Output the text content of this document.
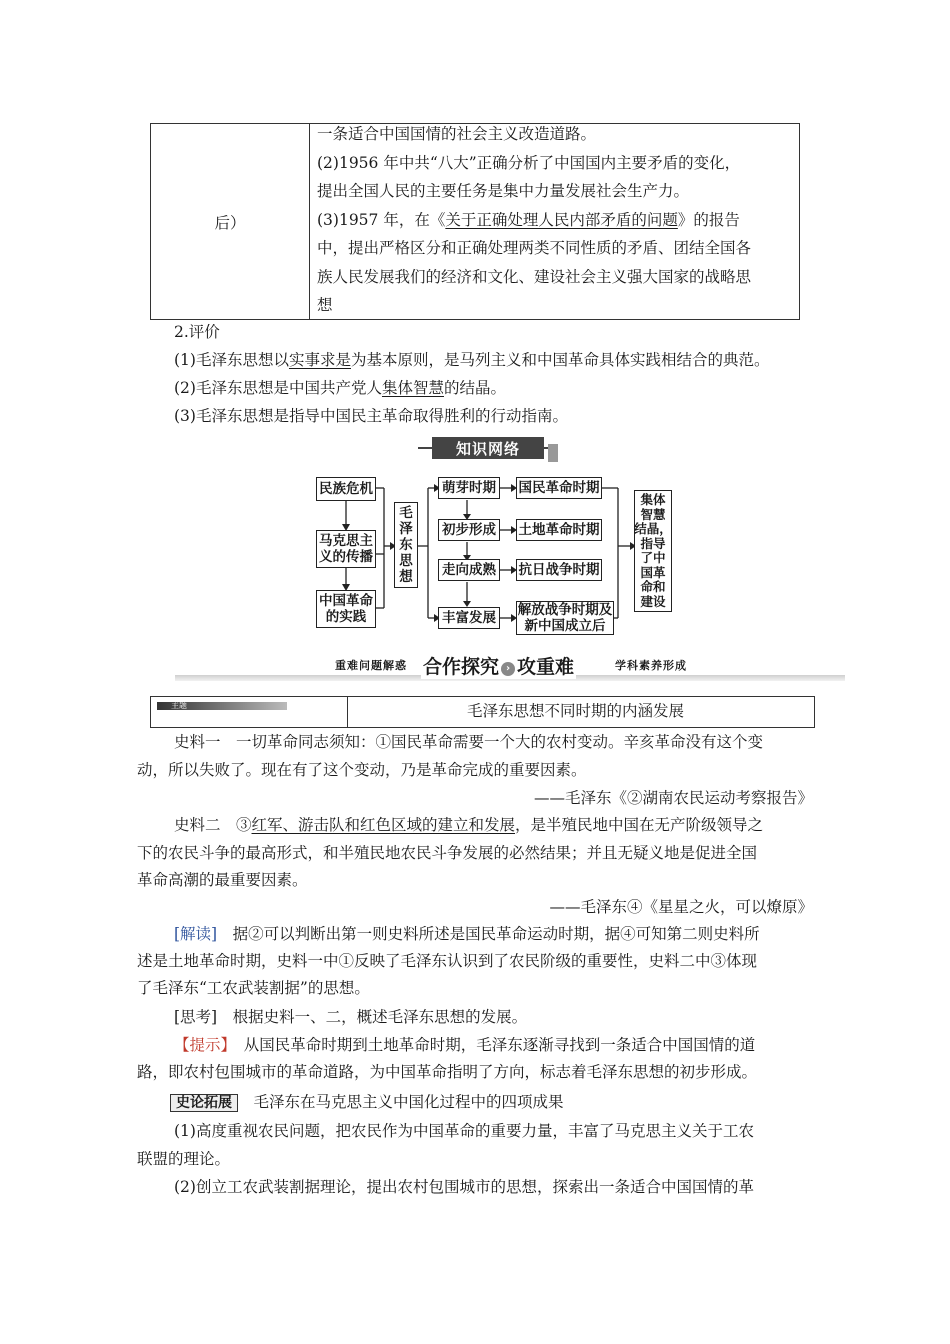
后）
一条适合中国国情的社会主义改造道路。
(2)1956 年中共“八大”正确分析了中国国内主要矛盾的变化，
提出全国人民的主要任务是集中力量发展社会生产力。
(3)1957 年，在《关于正确处理人民内部矛盾的问题》的报告
中，提出严格区分和正确处理两类不同性质的矛盾、团结全国各
族人民发展我们的经济和文化、建设社会主义强大国家的战略思
想
2.评价
(1)毛泽东思想以实事求是为基本原则，是马列主义和中国革命具体实践相结合的典范。
(2)毛泽东思想是中国共产党人集体智慧的结晶。
(3)毛泽东思想是指导中国民主革命取得胜利的行动指南。
知识网络
民族危机
马克思主
义的传播
中国革命
的实践
毛
泽
东
思
想
萌芽时期
初步形成
走向成熟
丰富发展
国民革命时期
土地革命时期
抗日战争时期
解放战争时期及
新中国成立后
集体
智慧
结晶，
指导
了中
国革
命和
建设
重难问题解惑 合作探究 › 攻重难	学科素养形成
主题	毛泽东思想不同时期的内涵发展
史料一　一切革命同志须知：①国民革命需要一个大的农村变动。辛亥革命没有这个变
动，所以失败了。现在有了这个变动，乃是革命完成的重要因素。
——毛泽东《②湖南农民运动考察报告》
史料二　③红军、游击队和红色区域的建立和发展，是半殖民地中国在无产阶级领导之
下的农民斗争的最高形式，和半殖民地农民斗争发展的必然结果；并且无疑义地是促进全国
革命高潮的最重要因素。
——毛泽东④《星星之火，可以燎原》
[解读]　 据②可以判断出第一则史料所述是国民革命运动时期，据④可知第二则史料所
述是土地革命时期，史料一中①反映了毛泽东认识到了农民阶级的重要性，史料二中③体现
了毛泽东“工农武装割据”的思想。
[思考]　 根据史料一、二，概述毛泽东思想的发展。
【提示】　 从国民革命时期到土地革命时期，毛泽东逐渐寻找到一条适合中国国情的道
路，即农村包围城市的革命道路，为中国革命指明了方向，标志着毛泽东思想的初步形成。
史论拓展　 毛泽东在马克思主义中国化过程中的四项成果
(1)高度重视农民问题，把农民作为中国革命的重要力量，丰富了马克思主义关于工农
联盟的理论。
(2)创立工农武装割据理论，提出农村包围城市的思想，探索出一条适合中国国情的革
